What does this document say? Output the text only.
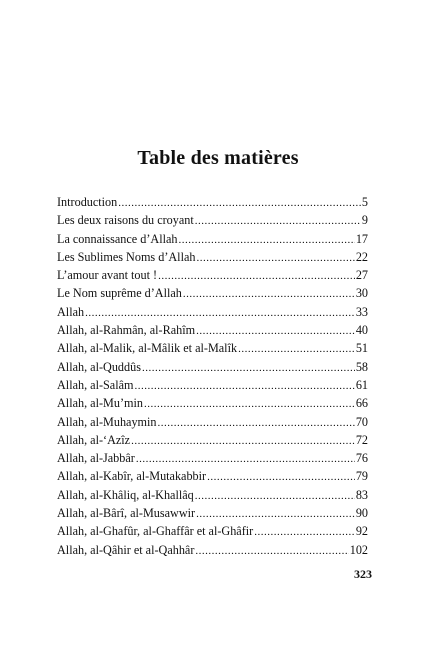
Table des matières
Introduction .....	5
Les deux raisons du croyant .....	9
La connaissance d’Allah .....	17
Les Sublimes Noms d’Allah .....	22
L’amour avant tout ! .....	27
Le Nom suprême d’Allah .....	30
Allah .....	33
Allah, al-Rahmân, al-Rahîm .....	40
Allah, al-Malik, al-Mâlik et al-Malîk .....	51
Allah, al-Quddûs .....	58
Allah, al-Salâm .....	61
Allah, al-Mu’min .....	66
Allah, al-Muhaymin .....	70
Allah, al-‘Azîz .....	72
Allah, al-Jabbâr .....	76
Allah, al-Kabîr, al-Mutakabbir .....	79
Allah, al-Khâliq, al-Khallâq .....	83
Allah, al-Bârî, al-Musawwir .....	90
Allah, al-Ghafûr, al-Ghaffâr et al-Ghâfir .....	92
Allah, al-Qâhir et al-Qahhâr .....	102
323
